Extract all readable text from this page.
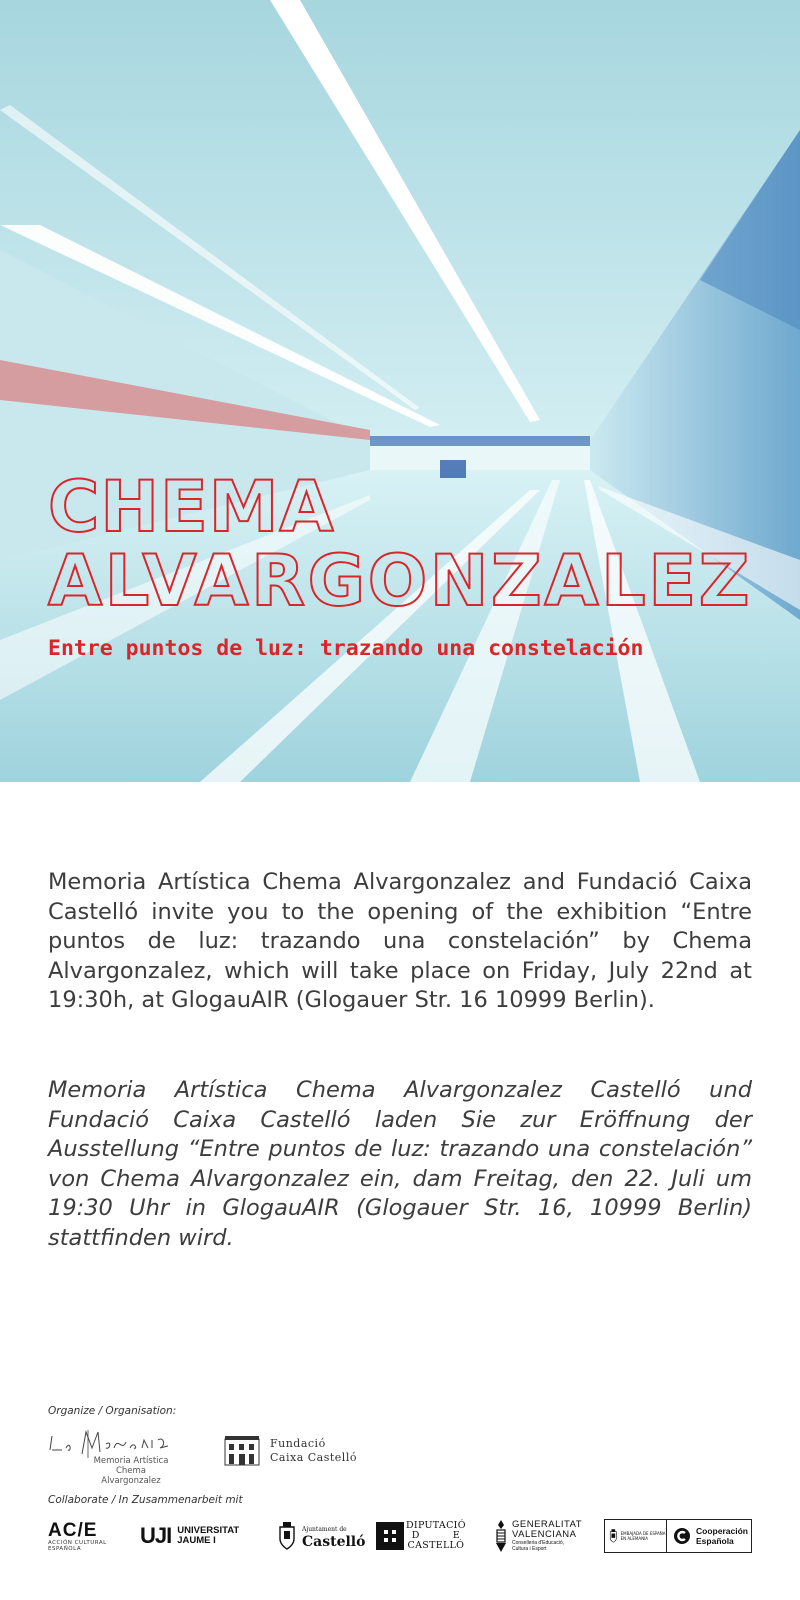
CHEMA
ALVARGONZALEZ
Entre puntos de luz: trazando una constelación

Memoria Artística Chema Alvargonzalez and Fundació Caixa Castelló invite you to the opening of the exhibition “Entre puntos de luz: trazando una constelación” by Chema Alvargonzalez, which will take place on Friday, July 22nd at 19:30h, at GlogauAIR (Glogauer Str. 16 10999 Berlin).

Memoria Artística Chema Alvargonzalez Castelló und Fundació Caixa Castelló laden Sie zur Eröffnung der Ausstellung “Entre puntos de luz: trazando una constelación” von Chema Alvargonzalez ein, dam Freitag, den 22. Juli um 19:30 Uhr in GlogauAIR (Glogauer Str. 16, 10999 Berlin) stattfinden wird.

Organize / Organisation:
Memoria Artística
Chema Alvargonzalez
Fundació
Caixa Castelló
Collaborate / In Zusammenarbeit mit
AC/E
ACCIÓN CULTURAL
ESPAÑOLA
UJI UNIVERSITAT
JAUME I
Ajuntament de
Castelló
DIPUTACIÓ
D          E
CASTELLÓ
GENERALITAT
VALENCIANA
Conselleria d'Educació,
Cultura i Esport
EMBAJADA DE ESPAÑA EN ALEMANIA
Cooperación
Española
